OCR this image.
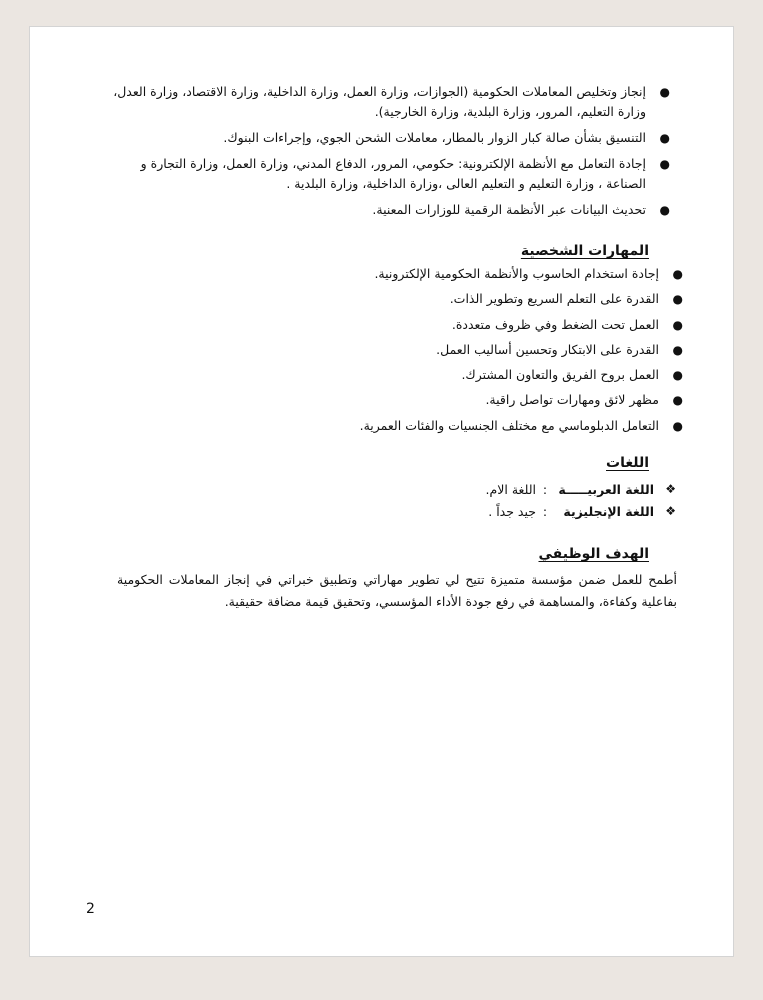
●
إنجاز وتخليص المعاملات الحكومية (الجوازات، وزارة العمل، وزارة الداخلية، وزارة الاقتصاد، وزارة العدل، وزارة التعليم، المرور، وزارة البلدية، وزارة الخارجية).
●
التنسيق بشأن صالة كبار الزوار بالمطار، معاملات الشحن الجوي، وإجراءات البنوك.
●
إجادة التعامل مع الأنظمة الإلكترونية: حكومي، المرور، الدفاع المدني، وزارة العمل، وزارة التجارة و الصناعة ، وزارة التعليم و التعليم العالى ،وزارة الداخلية، وزارة البلدية .
●
تحديث البيانات عبر الأنظمة الرقمية للوزارات المعنية.
المهارات الشخصية
●
إجادة استخدام الحاسوب والأنظمة الحكومية الإلكترونية.
●
القدرة على التعلم السريع وتطوير الذات.
●
العمل تحت الضغط وفي ظروف متعددة.
●
القدرة على الابتكار وتحسين أساليب العمل.
●
العمل بروح الفريق والتعاون المشترك.
●
مظهر لائق ومهارات تواصل راقية.
●
التعامل الدبلوماسي مع مختلف الجنسيات والفئات العمرية.
اللغات
❖
اللغة العربيـــــة
:
اللغة الام.
❖
اللغة الإنجليزية
:
جيد جداً .
الهدف الوظيفي
أطمح للعمل ضمن مؤسسة متميزة تتيح لي تطوير مهاراتي وتطبيق خبراتي في إنجاز المعاملات الحكومية بفاعلية وكفاءة، والمساهمة في رفع جودة الأداء المؤسسي، وتحقيق قيمة مضافة حقيقية.
2
